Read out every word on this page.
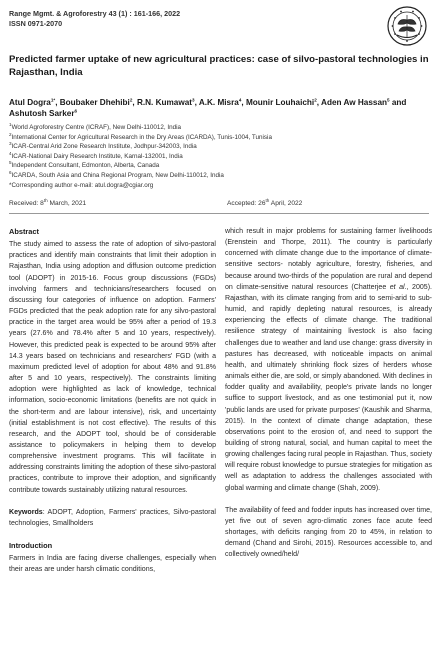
Range Mgmt. & Agroforestry 43 (1) : 161-166, 2022
ISSN 0971-2070
Predicted farmer uptake of new agricultural practices: case of silvo-pastoral technologies in Rajasthan, India
Atul Dogra$^{1*}$, Boubaker Dhehibi$^2$, R.N. Kumawat$^3$, A.K. Misra$^4$, Mounir Louhaichi$^2$, Aden Aw Hassan$^5$ and Ashutosh Sarker$^6$
$^1$World Agroforestry Centre (ICRAF), New Delhi-110012, India
$^2$International Center for Agricultural Research in the Dry Areas (ICARDA), Tunis-1004, Tunisia
$^3$ICAR-Central Arid Zone Research Institute, Jodhpur-342003, India
$^4$ICAR-National Dairy Research Institute, Karnal-132001, India
$^5$Independent Consultant, Edmonton, Alberta, Canada
$^6$ICARDA, South Asia and China Regional Program, New Delhi-110012, India
*Corresponding author e-mail: atul.dogra@cgiar.org
Received: 8th March, 2021	Accepted: 26th April, 2022
Abstract

The study aimed to assess the rate of adoption of silvo-pastoral practices and identify main constraints that limit their adoption in Rajasthan, India using adoption and diffusion outcome prediction tool (ADOPT) in 2015-16. Focus group discussions (FGDs) involving farmers and technicians/researchers focused on discussing four categories of influence on adoption. Farmers' FGDs predicted that the peak adoption rate for any silvo-pastoral practice in the target area would be 95% after a period of 19.3 years (27.6% and 78.4% after 5 and 10 years, respectively). However, this predicted peak is expected to be around 95% after 14.3 years based on technicians and researchers' FGD (with a maximum predicted level of adoption for about 48% and 91.8% after 5 and 10 years, respectively). The constraints limiting adoption were highlighted as lack of knowledge, technical information, socio-economic limitations (benefits are not quick in the short-term and are labour intensive), risk, and uncertainty (initial establishment is not cost effective). The results of this research, and the ADOPT tool, should be of considerable assistance to policymakers in helping them to develop comprehensive investment programs. This will facilitate in addressing constraints limiting the adoption of these silvo-pastoral practices, contribute to improve their adoption, and significantly contribute towards sustainably utilizing natural resources.

Keywords: ADOPT, Adoption, Farmers' practices, Silvo-pastoral technologies, Smallholders

Introduction

Farmers in India are facing diverse challenges, especially when their areas are under harsh climatic conditions,

which result in major problems for sustaining farmer livelihoods (Erenstein and Thorpe, 2011). The country is particularly concerned with climate change due to the importance of climate-sensitive sectors- notably agriculture, forestry, fisheries, and because around two-thirds of the population are rural and depend on climate-sensitive natural resources (Chatterjee et al., 2005). Rajasthan, with its climate ranging from arid to semi-arid to sub-humid, and rapidly depleting natural resources, is already experiencing the effects of climate change. The traditional resilience strategy of maintaining livestock is also facing challenges due to weather and land use change: grass diversity in pastures has decreased, with noticeable impacts on animal health, and ultimately shrinking flock sizes of herders whose animals either die, are sold, or simply abandoned. With declines in fodder quality and availability, people's private lands no longer suffice to support livestock, and as one testimonial put it, now 'public lands are used for private purposes' (Kaushik and Sharma, 2015). In the context of climate change adaptation, these observations point to the erosion of, and need to support the building of strong natural, social, and human capital to meet the growing challenges facing rural people in Rajasthan. Thus, society will require robust knowledge to pursue strategies for mitigation as well as adaptation to address the challenges associated with global warming and climate change (Shah, 2009).

The availability of feed and fodder inputs has increased over time, yet five out of seven agro-climatic zones face acute feed shortages, with deficits ranging from 20 to 45%, in relation to demand (Chand and Sirohi, 2015). Resources accessible to, and collectively owned/held/
